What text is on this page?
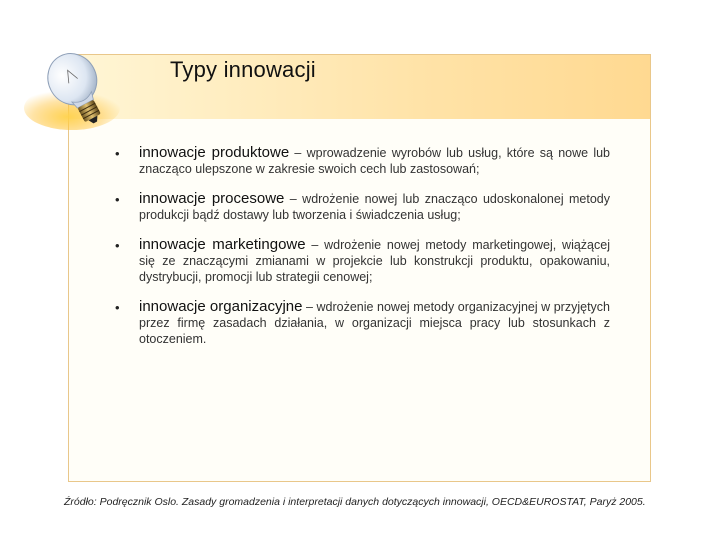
Typy innowacji
• innowacje produktowe – wprowadzenie wyrobów lub usług, które są nowe lub znacząco ulepszone w zakresie swoich cech lub zastosowań;
• innowacje procesowe – wdrożenie nowej lub znacząco udoskonalonej metody produkcji bądź dostawy lub tworzenia i świadczenia usług;
• innowacje marketingowe – wdrożenie nowej metody marketingowej, wiążącej się ze znaczącymi zmianami w projekcie lub konstrukcji produktu, opakowaniu, dystrybucji, promocji lub strategii cenowej;
• innowacje organizacyjne – wdrożenie nowej metody organizacyjnej w przyjętych przez firmę zasadach działania, w organizacji miejsca pracy lub stosunkach z otoczeniem.
Źródło: Podręcznik Oslo. Zasady gromadzenia i interpretacji danych dotyczących innowacji, OECD&EUROSTAT, Paryż 2005.
